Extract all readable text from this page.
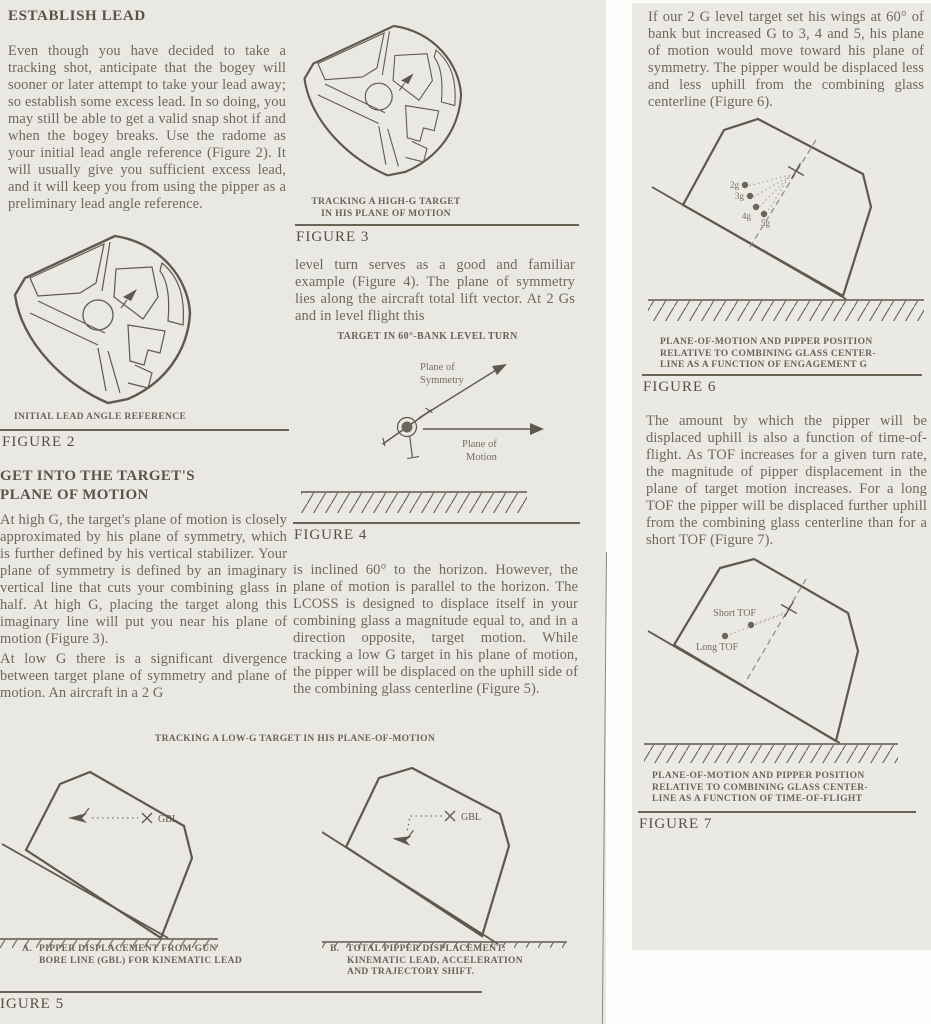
ESTABLISH LEAD
Even though you have decided to take a tracking shot, anticipate that the bogey will sooner or later attempt to take your lead away; so establish some excess lead. In so doing, you may still be able to get a valid snap shot if and when the bogey breaks. Use the radome as your initial lead angle reference (Figure 2). It will usually give you sufficient excess lead, and it will keep you from using the pipper as a preliminary lead angle reference.
INITIAL LEAD ANGLE REFERENCE
FIGURE 2
GET INTO THE TARGET'S
PLANE OF MOTION
At high G, the target's plane of motion is closely approximated by his plane of symmetry, which is further defined by his vertical stabilizer. Your plane of symmetry is defined by an imaginary vertical line that cuts your combining glass in half. At high G, placing the target along this imaginary line will put you near his plane of motion (Figure 3).
At low G there is a significant divergence between target plane of symmetry and plane of motion. An aircraft in a 2 G
TRACKING A HIGH-G TARGET
IN HIS PLANE OF MOTION
FIGURE 3
level turn serves as a good and familiar example (Figure 4). The plane of symmetry lies along the aircraft total lift vector. At 2 Gs and in level flight this
TARGET IN 60°-BANK LEVEL TURN
Plane of
Symmetry
Plane of
Motion
FIGURE 4
is inclined 60° to the horizon. However, the plane of motion is parallel to the horizon. The LCOSS is designed to displace itself in your combining glass a magnitude equal to, and in a direction opposite, target motion. While tracking a low G target in his plane of motion, the pipper will be displaced on the uphill side of the combining glass centerline (Figure 5).
TRACKING A LOW-G TARGET IN HIS PLANE-OF-MOTION
GBL	GBL
A. PIPPER DISPLACEMENT FROM GUN
BORE LINE (GBL) FOR KINEMATIC LEAD
B. TOTAL PIPPER DISPLACEMENT:
KINEMATIC LEAD, ACCELERATION
AND TRAJECTORY SHIFT.
IGURE 5
If our 2 G level target set his wings at 60° of bank but increased G to 3, 4 and 5, his plane of motion would move toward his plane of symmetry. The pipper would be displaced less and less uphill from the combining glass centerline (Figure 6).
2g
3g
4g
5g
PLANE-OF-MOTION AND PIPPER POSITION
RELATIVE TO COMBINING GLASS CENTER-
LINE AS A FUNCTION OF ENGAGEMENT G
FIGURE 6
The amount by which the pipper will be displaced uphill is also a function of time-of-flight. As TOF increases for a given turn rate, the magnitude of pipper displacement in the plane of target motion increases. For a long TOF the pipper will be displaced further uphill from the combining glass centerline than for a short TOF (Figure 7).
Short TOF
Long TOF
PLANE-OF-MOTION AND PIPPER POSITION
RELATIVE TO COMBINING GLASS CENTER-
LINE AS A FUNCTION OF TIME-OF-FLIGHT
FIGURE 7
